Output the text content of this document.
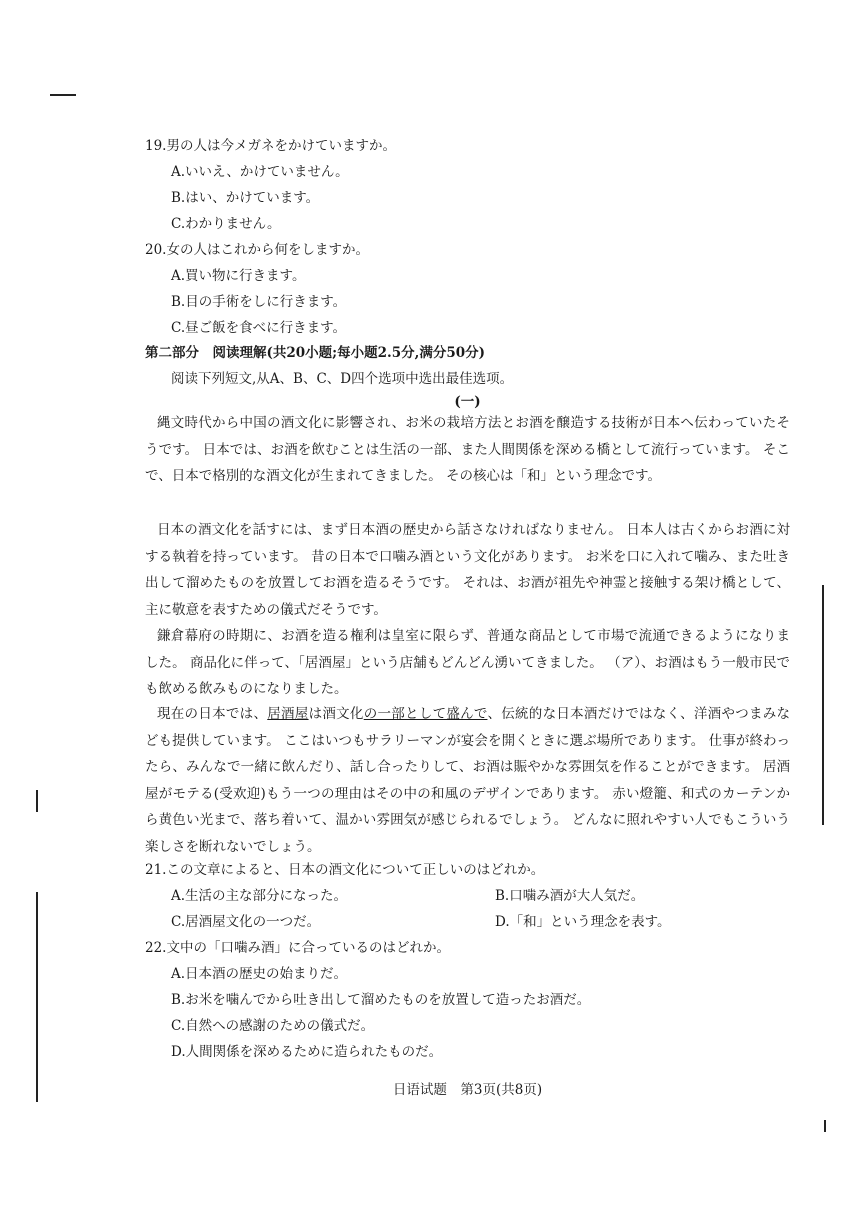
19.男の人は今メガネをかけていますか。
A.いいえ、かけていません。
B.はい、かけています。
C.わかりません。
20.女の人はこれから何をしますか。
A.買い物に行きます。
B.目の手術をしに行きます。
C.昼ご飯を食べに行きます。
第二部分　阅读理解(共20小题;每小题2.5分,满分50分)
阅读下列短文,从A、B、C、D四个选项中选出最佳选项。
(一)
縄文時代から中国の酒文化に影響され、お米の栽培方法とお酒を醸造する技術が日本へ伝わっていたそうです。 日本では、お酒を飲むことは生活の一部、また人間関係を深める橋として流行っています。 そこで、日本で格別的な酒文化が生まれてきました。 その核心は「和」という理念です。
日本の酒文化を話すには、まず日本酒の歴史から話さなければなりません。 日本人は古くからお酒に対する執着を持っています。 昔の日本で口噛み酒という文化があります。 お米を口に入れて噛み、また吐き出して溜めたものを放置してお酒を造るそうです。 それは、お酒が祖先や神霊と接触する架け橋として、主に敬意を表すための儀式だそうです。
鎌倉幕府の時期に、お酒を造る権利は皇室に限らず、普通な商品として市場で流通できるようになりました。 商品化に伴って、「居酒屋」という店舗もどんどん湧いてきました。 （ア）、お酒はもう一般市民でも飲める飲みものになりました。
現在の日本では、居酒屋は酒文化の一部として盛んで、伝統的な日本酒だけではなく、洋酒やつまみなども提供しています。 ここはいつもサラリーマンが宴会を開くときに選ぶ場所であります。 仕事が終わったら、みんなで一緒に飲んだり、話し合ったりして、お酒は賑やかな雰囲気を作ることができます。 居酒屋がモテる(受欢迎)もう一つの理由はその中の和風のデザインであります。 赤い燈籠、和式のカーテンから黄色い光まで、落ち着いて、温かい雰囲気が感じられるでしょう。 どんなに照れやすい人でもこういう楽しさを断れないでしょう。
21.この文章によると、日本の酒文化について正しいのはどれか。
A.生活の主な部分になった。	B.口噛み酒が大人気だ。
C.居酒屋文化の一つだ。	D.「和」という理念を表す。
22.文中の「口噛み酒」に合っているのはどれか。
A.日本酒の歴史の始まりだ。
B.お米を噛んでから吐き出して溜めたものを放置して造ったお酒だ。
C.自然への感謝のための儀式だ。
D.人間関係を深めるために造られたものだ。
日语试题　第3页(共8页)
